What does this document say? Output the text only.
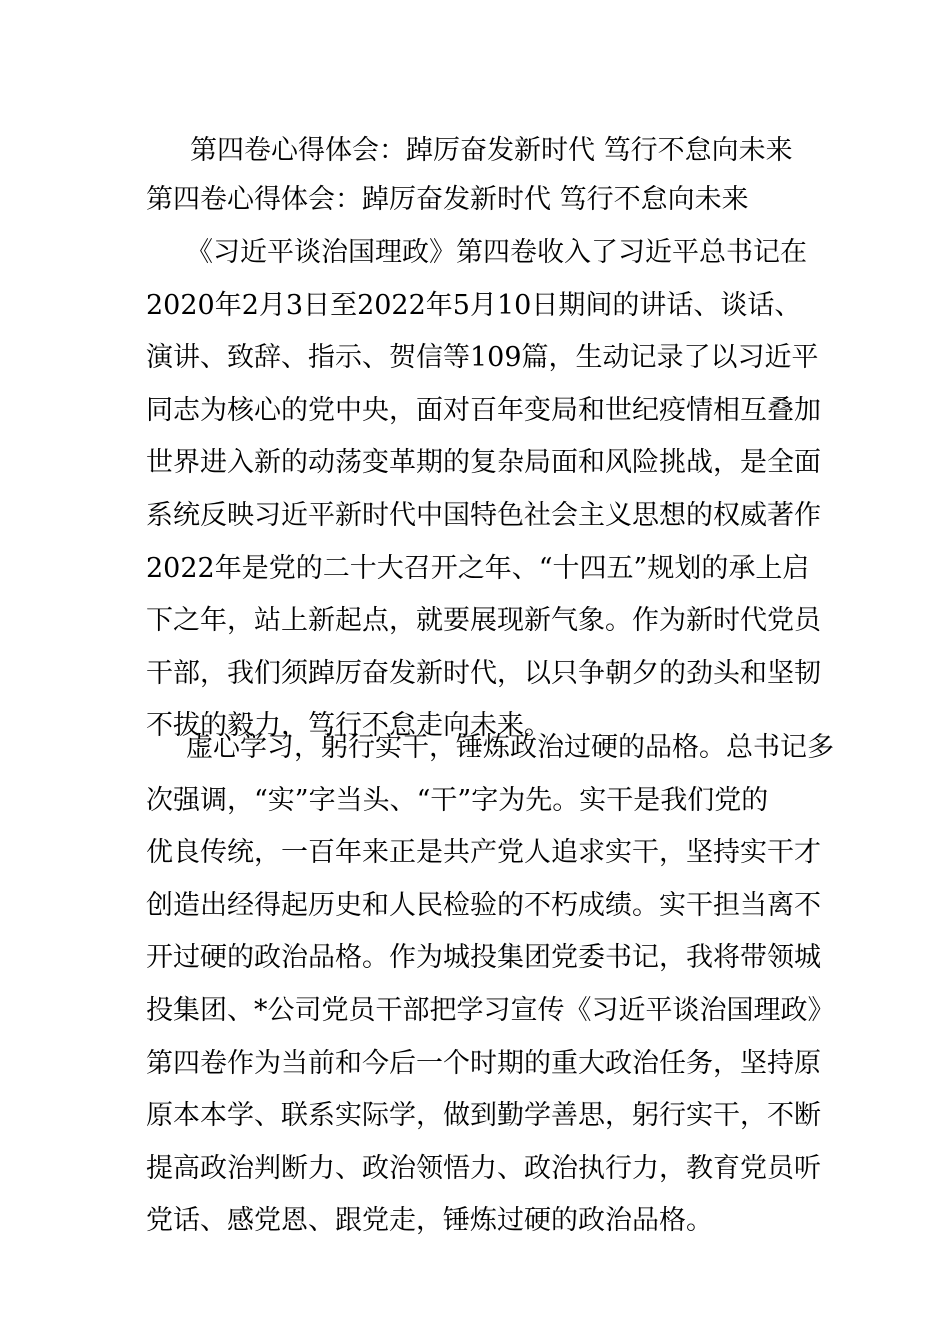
第四卷心得体会：踔厉奋发新时代 笃行不怠向未来

第四卷心得体会：踔厉奋发新时代 笃行不怠向未来

《习近平谈治国理政》第四卷收入了习近平总书记在
2020年2月3日至2022年5月10日期间的讲话、谈话、
演讲、致辞、指示、贺信等109篇，生动记录了以习近平
同志为核心的党中央，面对百年变局和世纪疫情相互叠加
世界进入新的动荡变革期的复杂局面和风险挑战，是全面
系统反映习近平新时代中国特色社会主义思想的权威著作
2022年是党的二十大召开之年、“十四五”规划的承上启
下之年，站上新起点，就要展现新气象。作为新时代党员
干部，我们须踔厉奋发新时代，以只争朝夕的劲头和坚韧
不拔的毅力，笃行不怠走向未来。
虚心学习，躬行实干，锤炼政治过硬的品格。总书记多
次强调，“实”字当头、“干”字为先。实干是我们党的
优良传统，一百年来正是共产党人追求实干，坚持实干才
创造出经得起历史和人民检验的不朽成绩。实干担当离不
开过硬的政治品格。作为城投集团党委书记，我将带领城
投集团、*公司党员干部把学习宣传《习近平谈治国理政》
第四卷作为当前和今后一个时期的重大政治任务，坚持原
原本本学、联系实际学，做到勤学善思，躬行实干，不断
提高政治判断力、政治领悟力、政治执行力，教育党员听
党话、感党恩、跟党走，锤炼过硬的政治品格。
